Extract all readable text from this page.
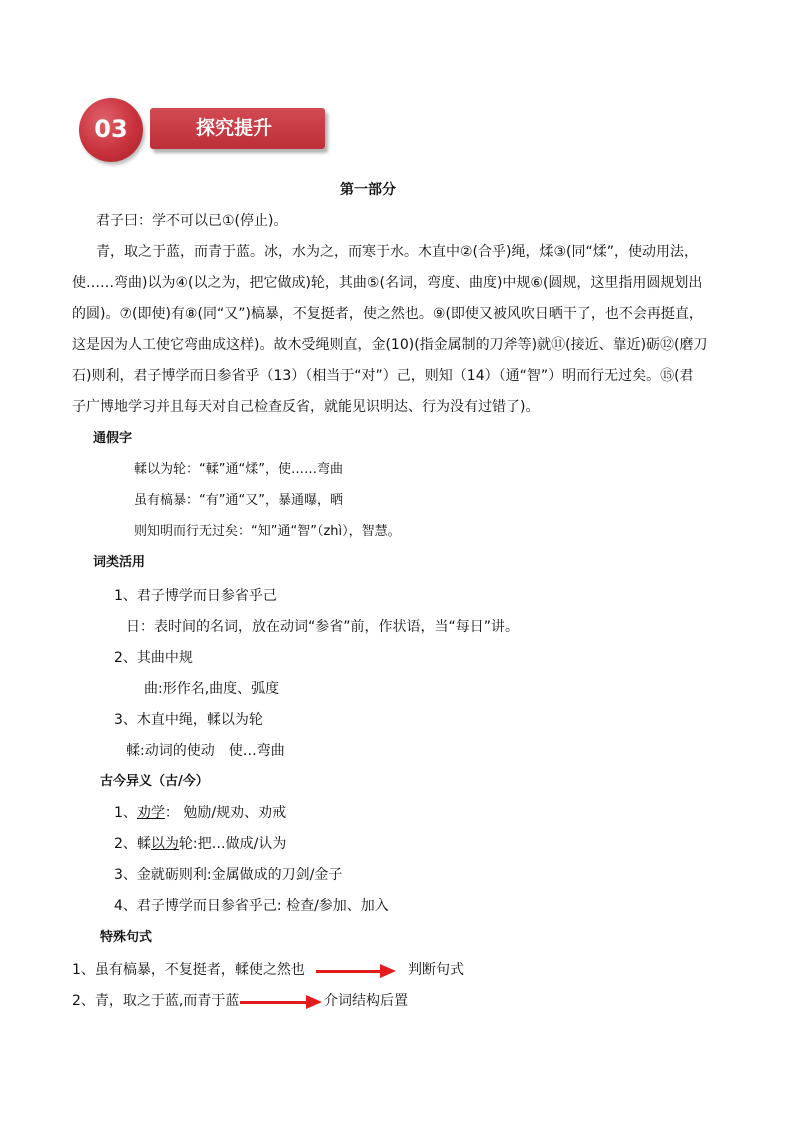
03	探究提升
第一部分
君子曰：学不可以已①(停止)。
青，取之于蓝，而青于蓝。冰，水为之，而寒于水。木直中②(合乎)绳，煣③(同“煣”，使动用法，
使……弯曲)以为④(以之为，把它做成)轮，其曲⑤(名词，弯度、曲度)中规⑥(圆规，这里指用圆规划出
的圆)。⑦(即使)有⑧(同“又”)槁暴，不复挺者，使之然也。⑨(即使又被风吹日晒干了，也不会再挺直，
这是因为人工使它弯曲成这样)。故木受绳则直，金(10)(指金属制的刀斧等)就⑪(接近、靠近)砺⑫(磨刀
石)则利，君子博学而日参省乎（13）（相当于“对”）己，则知（14）（通“智”）明而行无过矣。⑮(君
子广博地学习并且每天对自己检查反省，就能见识明达、行为没有过错了)。
通假字
輮以为轮：“輮”通“煣”，使……弯曲
虽有槁暴：“有”通“又”，暴通曝，晒
则知明而行无过矣：“知”通“智”（zhì），智慧。
词类活用
1、君子博学而日参省乎己
日：表时间的名词，放在动词“参省”前，作状语，当“每日”讲。
2、其曲中规
曲:形作名,曲度、弧度
3、木直中绳，輮以为轮
輮:动词的使动　使…弯曲
古今异义（古/今）
1、劝学： 勉励/规劝、劝戒
2、輮以为轮:把…做成/认为
3、金就砺则利:金属做成的刀剑/金子
4、君子博学而日参省乎己: 检查/参加、加入
特殊句式
1、虽有槁暴，不复挺者，輮使之然也	判断句式
2、青，取之于蓝,而青于蓝	介词结构后置
